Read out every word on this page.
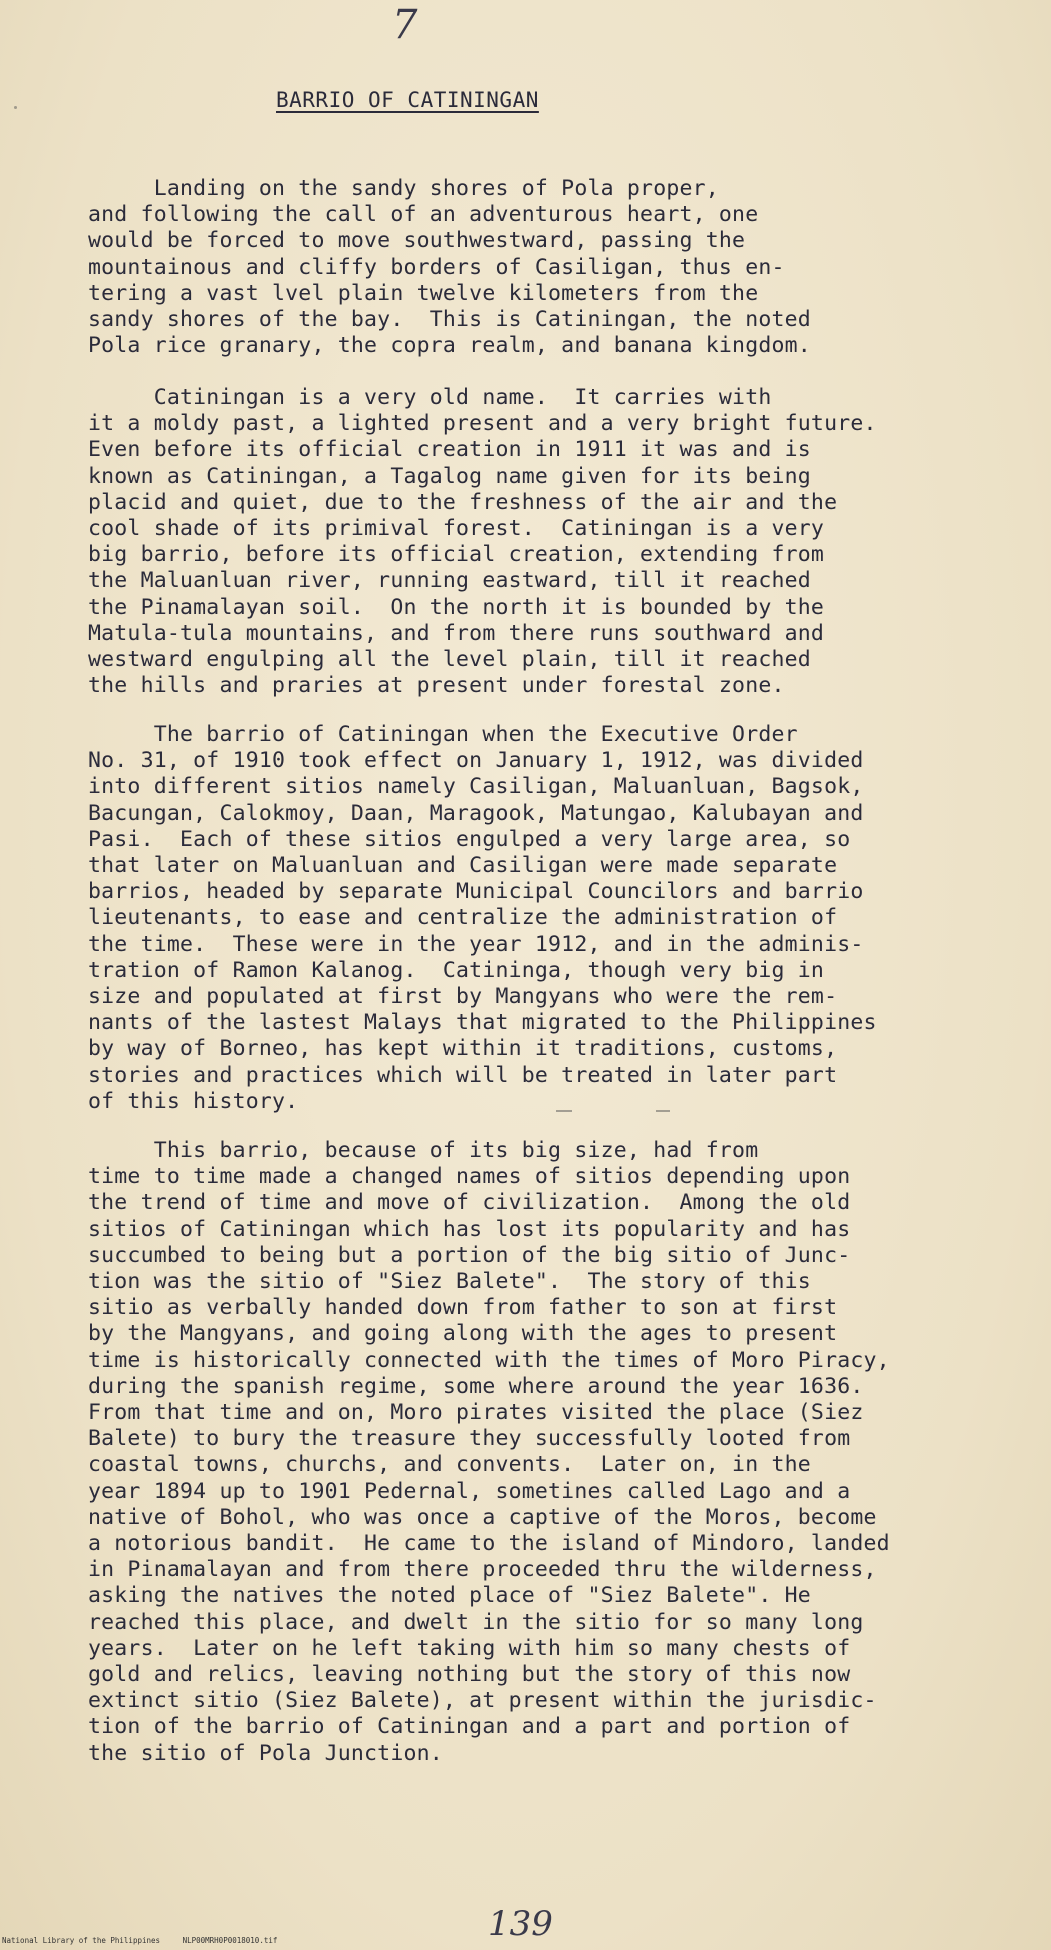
7
BARRIO OF CATININGAN
Landing on the sandy shores of Pola proper,
and following the call of an adventurous heart, one
would be forced to move southwestward, passing the
mountainous and cliffy borders of Casiligan, thus en-
tering a vast lvel plain twelve kilometers from the
sandy shores of the bay.  This is Catiningan, the noted
Pola rice granary, the copra realm, and banana kingdom.
Catiningan is a very old name.  It carries with
it a moldy past, a lighted present and a very bright future.
Even before its official creation in 1911 it was and is
known as Catiningan, a Tagalog name given for its being
placid and quiet, due to the freshness of the air and the
cool shade of its primival forest.  Catiningan is a very
big barrio, before its official creation, extending from
the Maluanluan river, running eastward, till it reached
the Pinamalayan soil.  On the north it is bounded by the
Matula-tula mountains, and from there runs southward and
westward engulping all the level plain, till it reached
the hills and praries at present under forestal zone.
The barrio of Catiningan when the Executive Order
No. 31, of 1910 took effect on January 1, 1912, was divided
into different sitios namely Casiligan, Maluanluan, Bagsok,
Bacungan, Calokmoy, Daan, Maragook, Matungao, Kalubayan and
Pasi.  Each of these sitios engulped a very large area, so
that later on Maluanluan and Casiligan were made separate
barrios, headed by separate Municipal Councilors and barrio
lieutenants, to ease and centralize the administration of
the time.  These were in the year 1912, and in the adminis-
tration of Ramon Kalanog.  Catininga, though very big in
size and populated at first by Mangyans who were the rem-
nants of the lastest Malays that migrated to the Philippines
by way of Borneo, has kept within it traditions, customs,
stories and practices which will be treated in later part
of this history.
This barrio, because of its big size, had from
time to time made a changed names of sitios depending upon
the trend of time and move of civilization.  Among the old
sitios of Catiningan which has lost its popularity and has
succumbed to being but a portion of the big sitio of Junc-
tion was the sitio of "Siez Balete".  The story of this
sitio as verbally handed down from father to son at first
by the Mangyans, and going along with the ages to present
time is historically connected with the times of Moro Piracy,
during the spanish regime, some where around the year 1636.
From that time and on, Moro pirates visited the place (Siez
Balete) to bury the treasure they successfully looted from
coastal towns, churchs, and convents.  Later on, in the
year 1894 up to 1901 Pedernal, sometines called Lago and a
native of Bohol, who was once a captive of the Moros, become
a notorious bandit.  He came to the island of Mindoro, landed
in Pinamalayan and from there proceeded thru the wilderness,
asking the natives the noted place of "Siez Balete". He
reached this place, and dwelt in the sitio for so many long
years.  Later on he left taking with him so many chests of
gold and relics, leaving nothing but the story of this now
extinct sitio (Siez Balete), at present within the jurisdic-
tion of the barrio of Catiningan and a part and portion of
the sitio of Pola Junction.
139
National Library of the Philippines	NLP00MRH0P0018010.tif
